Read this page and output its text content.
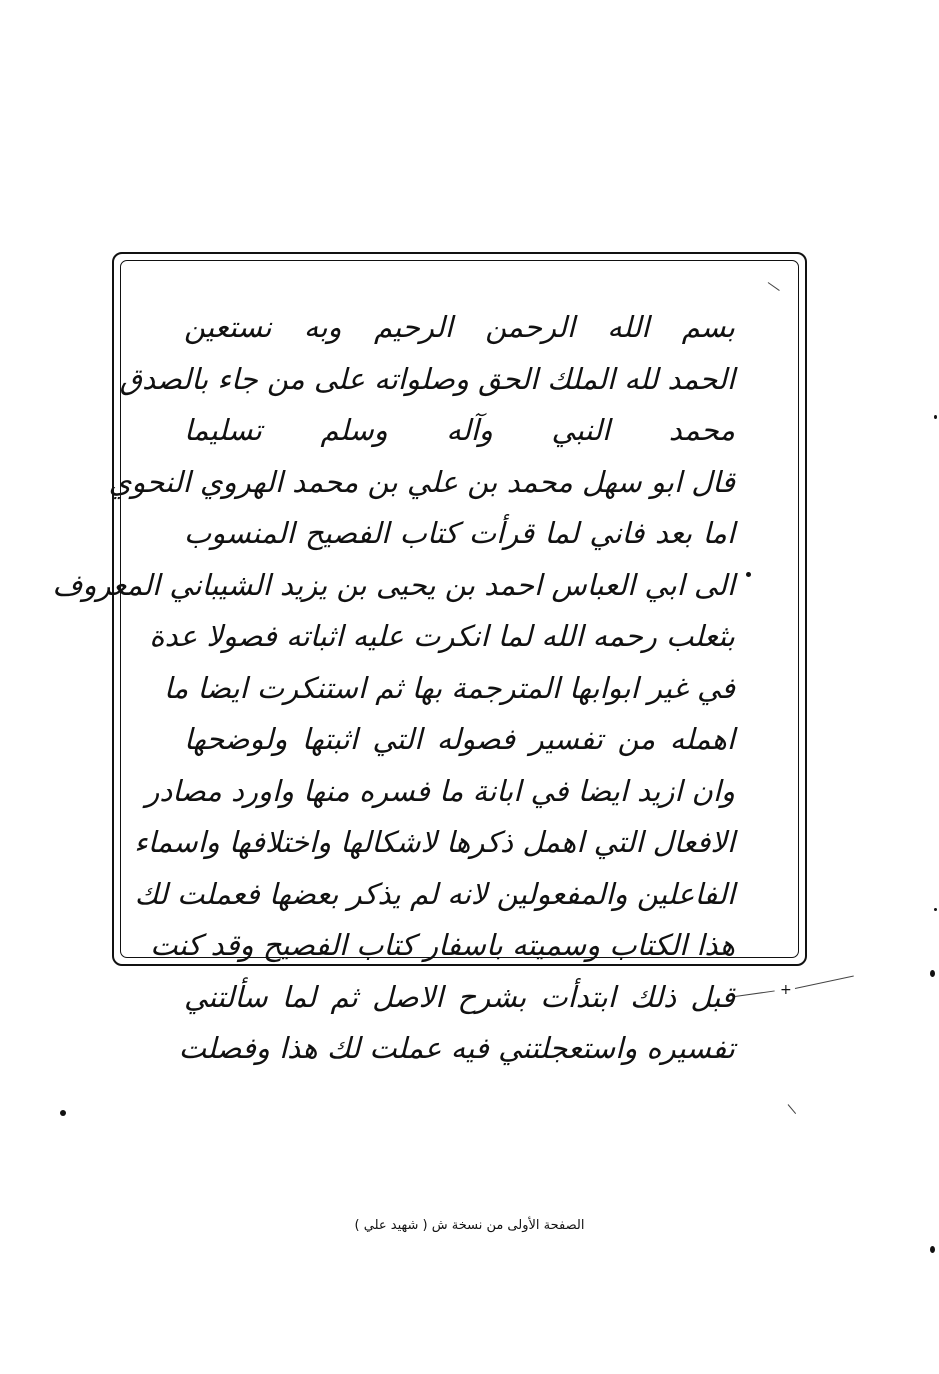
بسم الله الرحمن الرحيم وبه نستعين
الحمد لله الملك الحق وصلواته على من جاء بالصدق
محمد النبي وآله وسلم تسليما
قال ابو سهل محمد بن علي بن محمد الهروي النحوي
اما بعد فاني لما قرأت كتاب الفصيح المنسوب
الى ابي العباس احمد بن يحيى بن يزيد الشيباني المعروف
بثعلب رحمه الله لما انكرت عليه اثباته فصولا عدة
في غير ابوابها المترجمة بها ثم استنكرت ايضا ما
اهمله من تفسير فصوله التي اثبتها ولوضحها
وان ازيد ايضا في ابانة ما فسره منها واورد مصادر
الافعال التي اهمل ذكرها لاشكالها واختلافها واسماء
الفاعلين والمفعولين لانه لم يذكر بعضها فعملت لك
هذا الكتاب وسميته باسفار كتاب الفصيح وقد كنت
قبل ذلك ابتدأت بشرح الاصل ثم لما سألتني
تفسيره واستعجلتني فيه عملت لك هذا وفصلت
+
الصفحة الأولى من نسخة ش ( شهيد علي )
